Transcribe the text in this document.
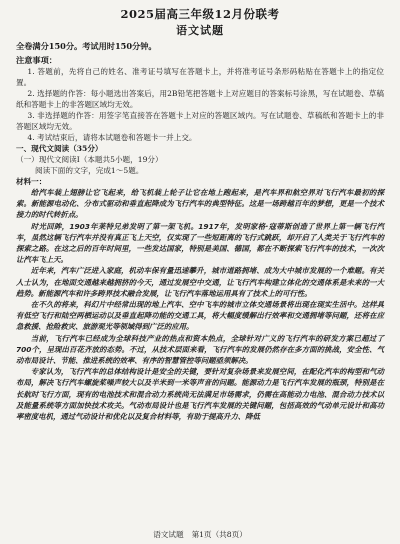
2025届高三年级12月份联考
语文试题

全卷满分150分。考试用时150分钟。

注意事项：

1. 答题前，先将自己的姓名、准考证号填写在答题卡上，并将准考证号条形码粘贴在答题卡上的指定位置。

2. 选择题的作答：每小题选出答案后，用2B铅笔把答题卡上对应题目的答案标号涂黑，写在试题卷、草稿纸和答题卡上的非答题区域均无效。

3. 非选择题的作答：用签字笔直接答在答题卡上对应的答题区域内。写在试题卷、草稿纸和答题卡上的非答题区域均无效。

4. 考试结束后，请将本试题卷和答题卡一并上交。

一、现代文阅读（35分）

（一）现代文阅读Ⅰ（本题共5小题，19分）

阅读下面的文字，完成1～5题。

材料一：

给汽车装上翅膀让它飞起来，给飞机装上轮子让它在地上跑起来，是汽车界和航空界对飞行汽车最初的探索。新能源电动化、分布式驱动和垂直起降成为飞行汽车的典型特征。这是一场跨越百年的梦想，更是一个技术接力的时代转折点。

时光回眸，1903年莱特兄弟发明了第一架飞机。1917年，发明家格·寇蒂斯创造了世界上第一辆飞行汽车，虽然这辆飞行汽车并没有真正飞上天空，仅实现了一些短距离的飞行式跳跃，却开启了人类关于飞行汽车的探索之路。在这之后的百年时间里，一些发达国家，特别是美国、德国，都在不断探索飞行汽车的技术，一次次让汽车飞上天。

近年来，汽车广泛进入家庭，机动车保有量迅速攀升，城市道路拥堵、成为大中城市发展的一个难题。有关人士认为，在地面交通越来越拥挤的今天，通过发展空中交通，让飞行汽车构建立体化的交通体系是未来的一大趋势。新能源汽车和许多跨界技术融合发展，让飞行汽车落地运用具有了技术上的可行性。

在不久的将来，科幻片中经常出现的地上汽车、空中飞车的城市立体交通场景将出现在现实生活中。这样具有低空飞行和陆空两栖运动以及垂直起降功能的交通工具，将大幅度缓解出行效率和交通拥堵等问题，还将在应急救援、抢险救灾、旅游观光等领域得到广泛的应用。

当前，飞行汽车已经成为全球科技产业的热点和资本热点，全球针对广义的飞行汽车的研发方案已超过了700个，呈现出百花齐放的态势。不过，从技术层面来看，飞行汽车的发展仍然存在多方面的挑战，安全性、气动布局设计、节能、推进系统的效率、有序的智慧管控等问题亟须解决。

专家认为，飞行汽车的总体结构设计是安全的关键，要针对复杂场景来发展空间，在配化汽车的构型和气动布局，解决飞行汽车螺旋桨噪声较大以及半米到一米等声音的问题。能源动力是飞行汽车发展的瓶颈，特别是在长航时飞行方面，现有的电池技术和混合动力系统尚无法满足市场需求，仍需在高能动力电池、混合动力技术以及能量系统等方面加快技术攻关。气动布局设计也是飞行汽车发展的关键问题，包括高效的气动单元设计和高功率密度电机，通过气动设计和优化以及复合材料等，有助于提高升力、降低

语文试题 第1页（共8页）
